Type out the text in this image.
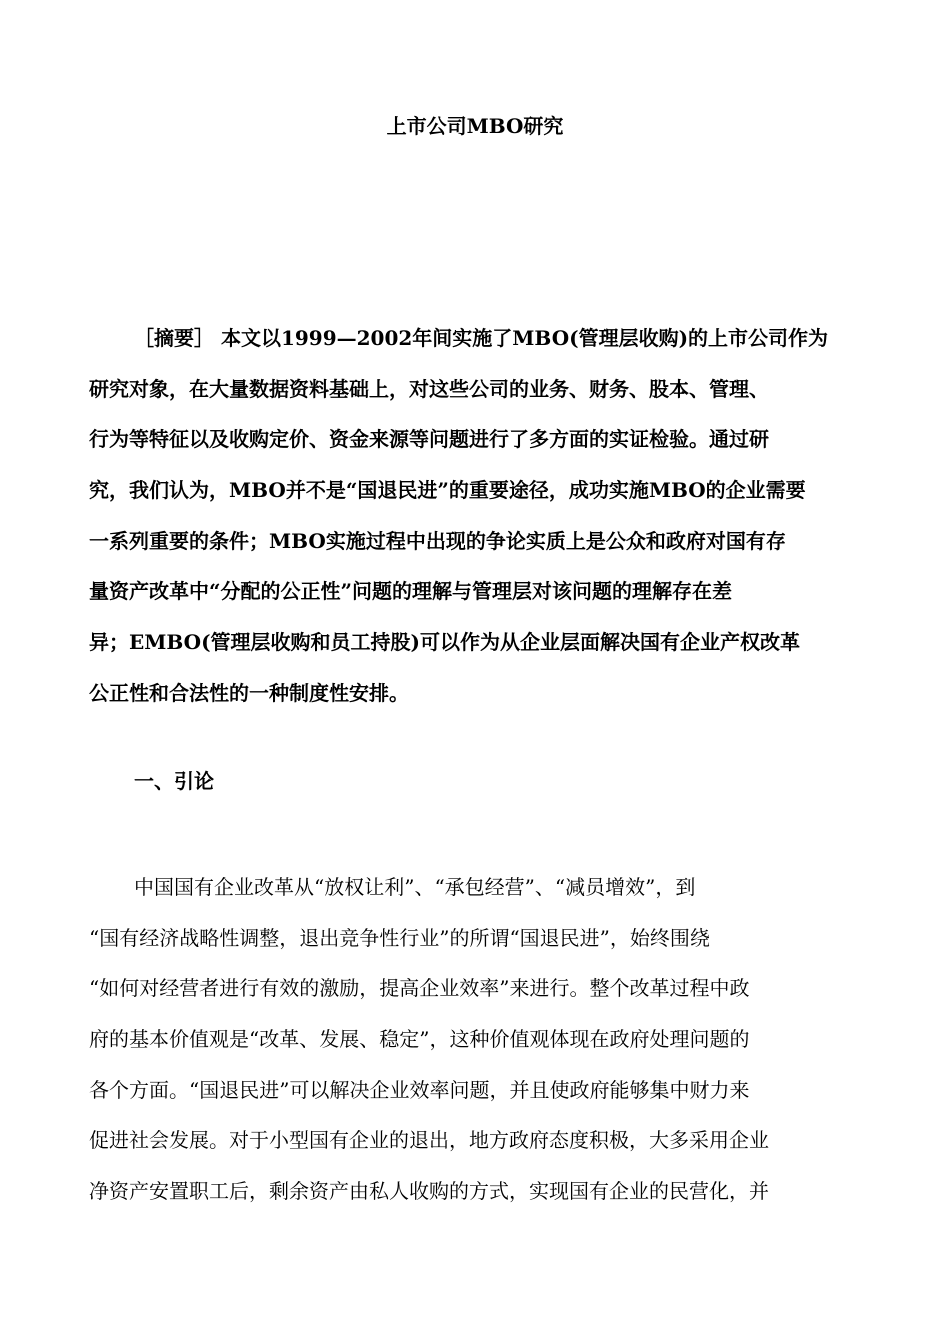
上市公司MBO研究
［摘要］ 本文以1999—2002年间实施了MBO(管理层收购)的上市公司作为
研究对象，在大量数据资料基础上，对这些公司的业务、财务、股本、管理、
行为等特征以及收购定价、资金来源等问题进行了多方面的实证检验。通过研
究，我们认为，MBO并不是“国退民进”的重要途径，成功实施MBO的企业需要
一系列重要的条件；MBO实施过程中出现的争论实质上是公众和政府对国有存
量资产改革中“分配的公正性”问题的理解与管理层对该问题的理解存在差
异；EMBO(管理层收购和员工持股)可以作为从企业层面解决国有企业产权改革
公正性和合法性的一种制度性安排。
一、引论
中国国有企业改革从“放权让利”、“承包经营”、“减员增效”，到
“国有经济战略性调整，退出竞争性行业”的所谓“国退民进”，始终围绕
“如何对经营者进行有效的激励，提高企业效率”来进行。整个改革过程中政
府的基本价值观是“改革、发展、稳定”，这种价值观体现在政府处理问题的
各个方面。“国退民进”可以解决企业效率问题，并且使政府能够集中财力来
促进社会发展。对于小型国有企业的退出，地方政府态度积极，大多采用企业
净资产安置职工后，剩余资产由私人收购的方式，实现国有企业的民营化，并
